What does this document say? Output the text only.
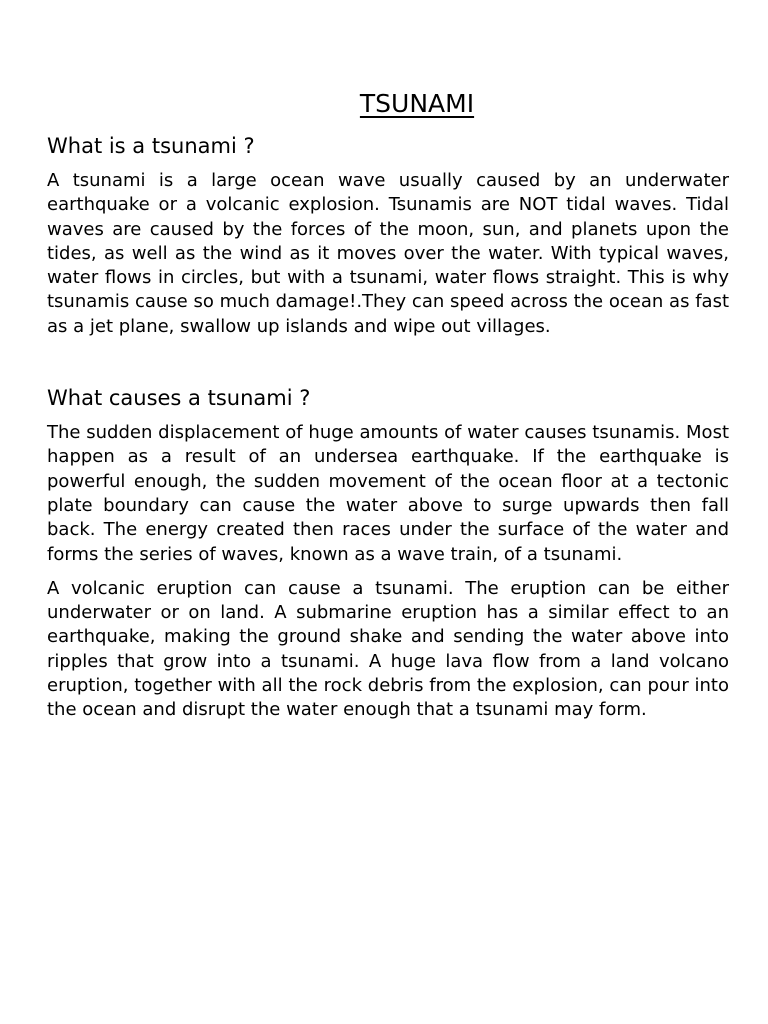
TSUNAMI
What is a tsunami ?

A tsunami is a large ocean wave usually caused by an underwater earthquake or a volcanic explosion. Tsunamis are NOT tidal waves. Tidal waves are caused by the forces of the moon, sun, and planets upon the tides, as well as the wind as it moves over the water. With typical waves, water flows in circles, but with a tsunami, water flows straight. This is why tsunamis cause so much damage!.They can speed across the ocean as fast as a jet plane, swallow up islands and wipe out villages.

What causes a tsunami ?

The sudden displacement of huge amounts of water causes tsunamis. Most happen as a result of an undersea earthquake. If the earthquake is powerful enough, the sudden movement of the ocean floor at a tectonic plate boundary can cause the water above to surge upwards then fall back. The energy created then races under the surface of the water and forms the series of waves, known as a wave train, of a tsunami.

A volcanic eruption can cause a tsunami. The eruption can be either underwater or on land. A submarine eruption has a similar effect to an earthquake, making the ground shake and sending the water above into ripples that grow into a tsunami. A huge lava flow from a land volcano eruption, together with all the rock debris from the explosion, can pour into the ocean and disrupt the water enough that a tsunami may form.
